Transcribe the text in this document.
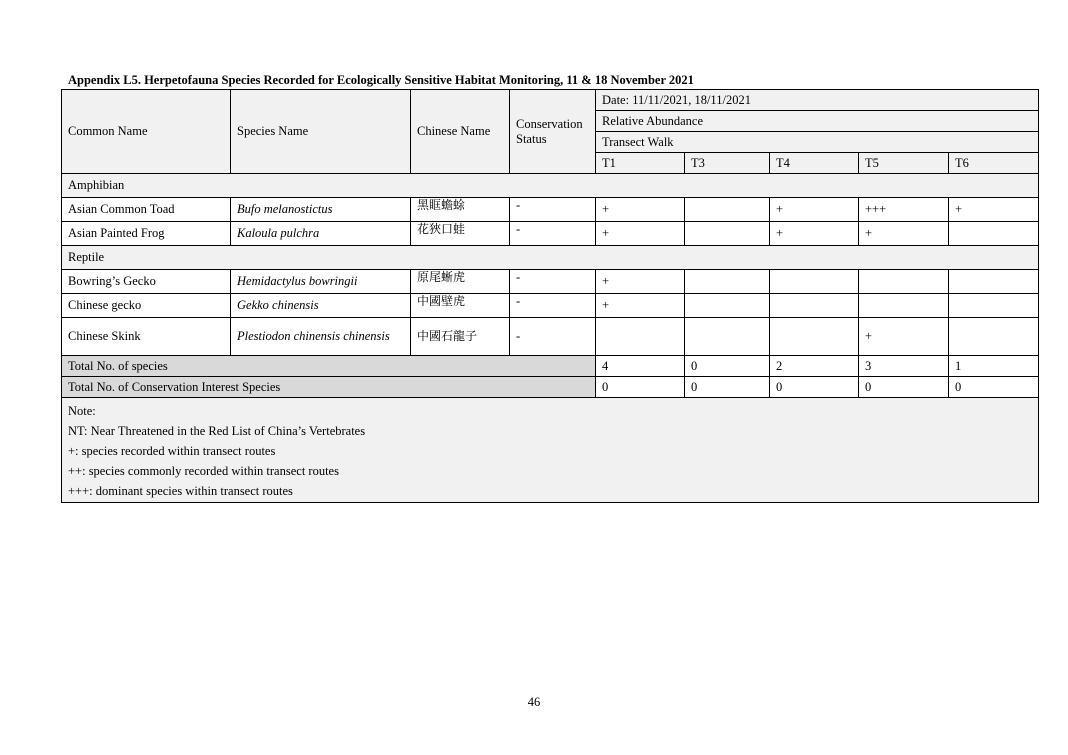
Appendix L5. Herpetofauna Species Recorded for Ecologically Sensitive Habitat Monitoring, 11 & 18 November 2021
Common Name	Species Name	Chinese Name	Conservation Status	Date: 11/11/2021, 18/11/2021				
				Relative Abundance				
				Transect Walk				
				T1	T3	T4	T5	T6
Amphibian								
Asian Common Toad	Bufo melanostictus	黑眶蟾蜍	-	+		+	+++	+
Asian Painted Frog	Kaloula pulchra	花狹口蛙	-	+		+	+	
Reptile								
Bowring’s Gecko	Hemidactylus bowringii	原尾蜥虎	-	+				
Chinese gecko	Gekko chinensis	中國壁虎	-	+				
Chinese Skink	Plestiodon chinensis chinensis	中國石龍子	-				+	
Total No. of species				4	0	2	3	1
Total No. of Conservation Interest Species				0	0	0	0	0

Note:
NT: Near Threatened in the Red List of China’s Vertebrates
+: species recorded within transect routes
++: species commonly recorded within transect routes
+++: dominant species within transect routes								
46
